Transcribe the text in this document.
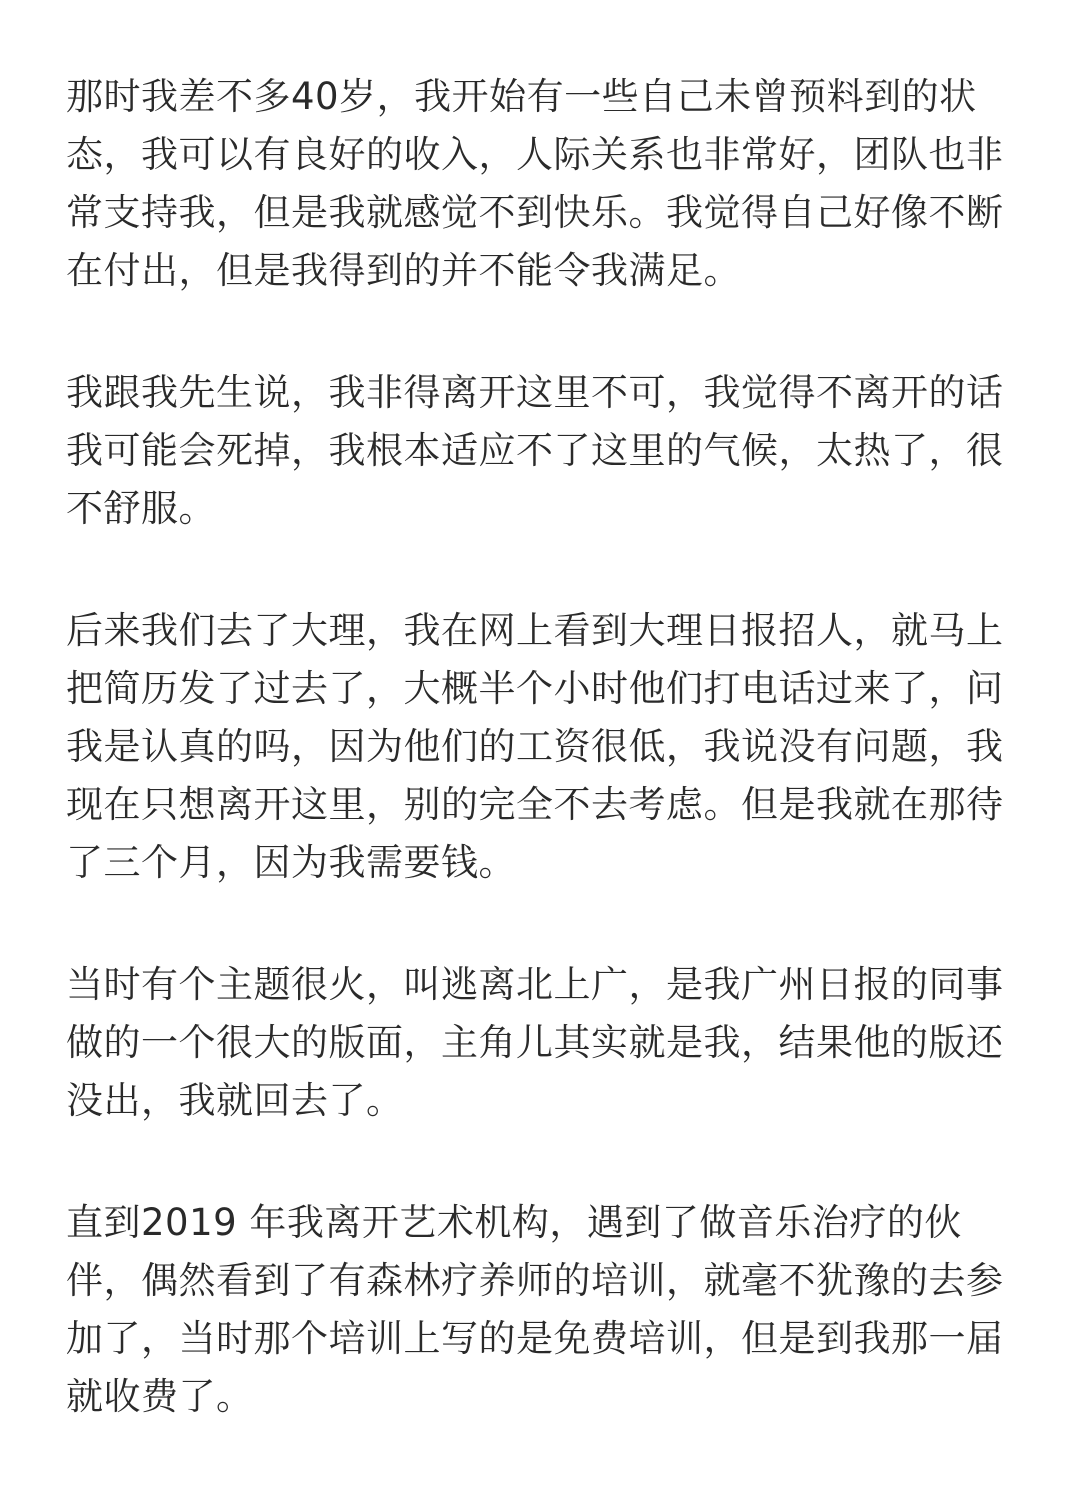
那时我差不多40岁，我开始有一些自己未曾预料到的状
态，我可以有良好的收入，人际关系也非常好，团队也非
常支持我，但是我就感觉不到快乐。我觉得自己好像不断
在付出，但是我得到的并不能令我满足。

我跟我先生说，我非得离开这里不可，我觉得不离开的话
我可能会死掉，我根本适应不了这里的气候，太热了，很
不舒服。

后来我们去了大理，我在网上看到大理日报招人，就马上
把简历发了过去了，大概半个小时他们打电话过来了，问
我是认真的吗，因为他们的工资很低，我说没有问题，我
现在只想离开这里，别的完全不去考虑。但是我就在那待
了三个月，因为我需要钱。

当时有个主题很火，叫逃离北上广，是我广州日报的同事
做的一个很大的版面，主角儿其实就是我，结果他的版还
没出，我就回去了。

直到2019 年我离开艺术机构，遇到了做音乐治疗的伙
伴，偶然看到了有森林疗养师的培训，就毫不犹豫的去参
加了，当时那个培训上写的是免费培训，但是到我那一届
就收费了。
